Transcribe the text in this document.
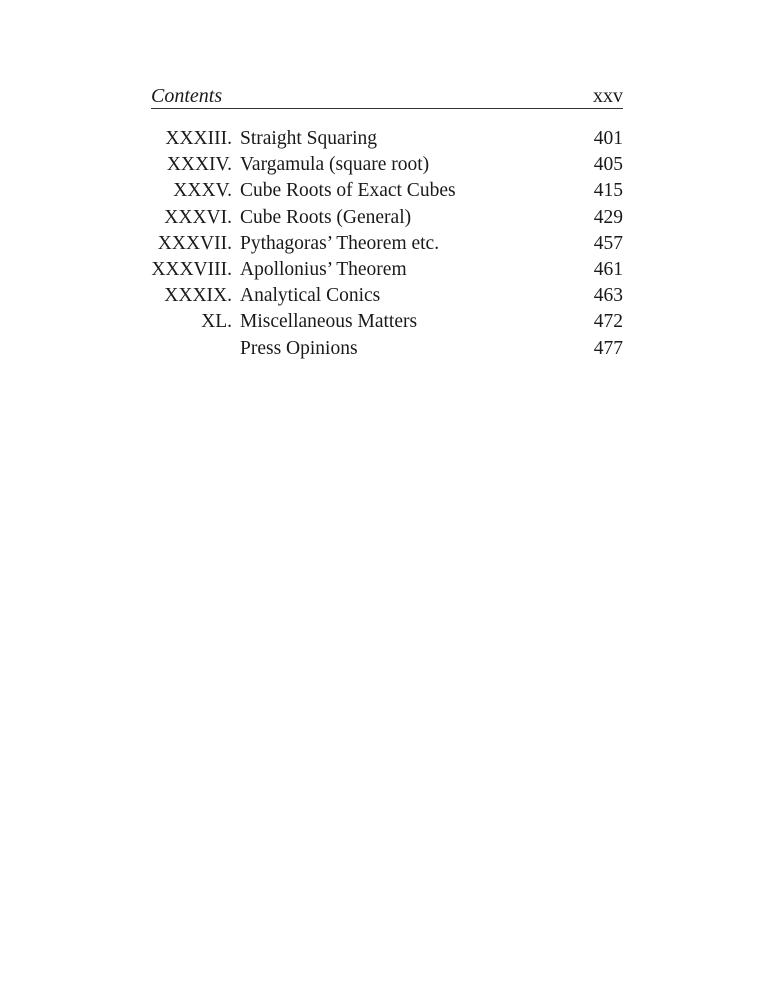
Contents	xxv
XXXIII. Straight Squaring	401
XXXIV. Vargamula (square root)	405
XXXV. Cube Roots of Exact Cubes	415
XXXVI. Cube Roots (General)	429
XXXVII. Pythagoras’ Theorem etc.	457
XXXVIII. Apollonius’ Theorem	461
XXXIX. Analytical Conics	463
XL. Miscellaneous Matters	472
Press Opinions	477
